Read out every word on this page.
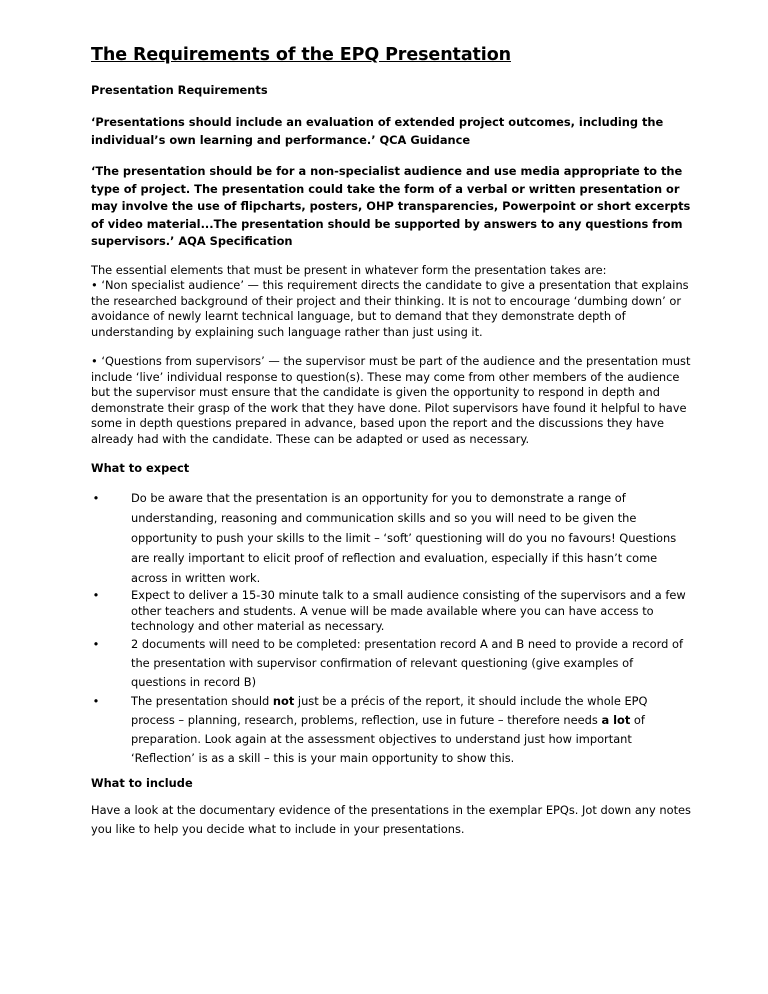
The Requirements of the EPQ Presentation
Presentation Requirements

‘Presentations should include an evaluation of extended project outcomes, including the individual’s own learning and performance.’ QCA Guidance

‘The presentation should be for a non-specialist audience and use media appropriate to the type of project. The presentation could take the form of a verbal or written presentation or may involve the use of flipcharts, posters, OHP transparencies, Powerpoint or short excerpts of video material...The presentation should be supported by answers to any questions from supervisors.’ AQA Specification

The essential elements that must be present in whatever form the presentation takes are:

• ‘Non specialist audience’ — this requirement directs the candidate to give a presentation that explains the researched background of their project and their thinking. It is not to encourage ‘dumbing down’ or avoidance of newly learnt technical language, but to demand that they demonstrate depth of understanding by explaining such language rather than just using it.

• ‘Questions from supervisors’ — the supervisor must be part of the audience and the presentation must include ‘live’ individual response to question(s). These may come from other members of the audience but the supervisor must ensure that the candidate is given the opportunity to respond in depth and demonstrate their grasp of the work that they have done. Pilot supervisors have found it helpful to have some in depth questions prepared in advance, based upon the report and the discussions they have already had with the candidate. These can be adapted or used as necessary.

What to expect
•	Do be aware that the presentation is an opportunity for you to demonstrate a range of understanding, reasoning and communication skills and so you will need to be given the opportunity to push your skills to the limit – ‘soft’ questioning will do you no favours! Questions are really important to elicit proof of reflection and evaluation, especially if this hasn’t come across in written work.
•	Expect to deliver a 15-30 minute talk to a small audience consisting of the supervisors and a few other teachers and students. A venue will be made available where you can have access to technology and other material as necessary.
•	2 documents will need to be completed: presentation record A and B need to provide a record of the presentation with supervisor confirmation of relevant questioning (give examples of questions in record B)
•	The presentation should not just be a précis of the report, it should include the whole EPQ process – planning, research, problems, reflection, use in future – therefore needs a lot of preparation. Look again at the assessment objectives to understand just how important ‘Reflection’ is as a skill – this is your main opportunity to show this.
What to include

Have a look at the documentary evidence of the presentations in the exemplar EPQs. Jot down any notes you like to help you decide what to include in your presentations.
